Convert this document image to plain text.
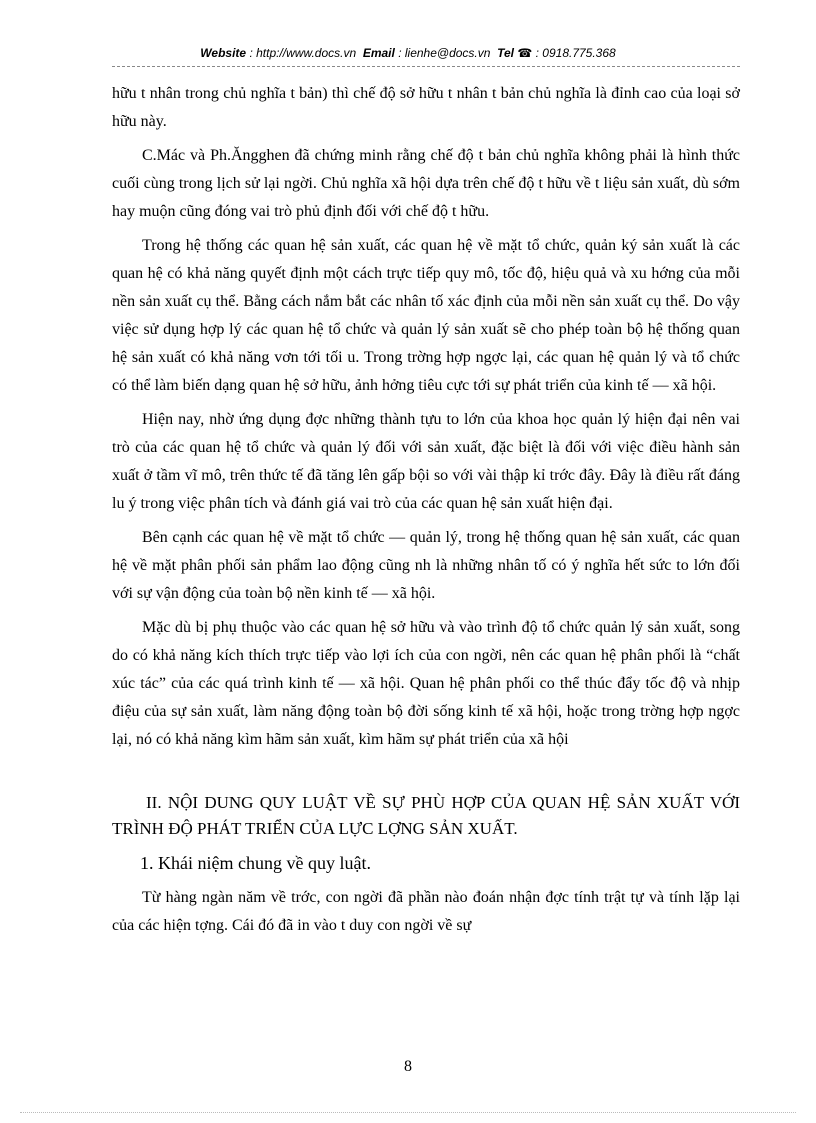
Website : http://www.docs.vn Email : lienhe@docs.vn Tel ☎ : 0918.775.368

hữu t nhân trong chủ nghĩa t bản) thì chế độ sở hữu t nhân t bản chủ nghĩa là đỉnh cao của loại sở hữu này.

C.Mác và Ph.Ăngghen đã chứng minh rằng chế độ t bản chủ nghĩa không phải là hình thức cuối cùng trong lịch sử lại ngời. Chủ nghĩa xã hội dựa trên chế độ t hữu về t liệu sản xuất, dù sớm hay muộn cũng đóng vai trò phủ định đối với chế độ t hữu.

Trong hệ thống các quan hệ sản xuất, các quan hệ về mặt tổ chức, quản ký sản xuất là các quan hệ có khả năng quyết định một cách trực tiếp quy mô, tốc độ, hiệu quả và xu hớng của mỗi nền sản xuất cụ thể. Bằng cách nắm bắt các nhân tố xác định của mỗi nền sản xuất cụ thể. Do vậy việc sử dụng hợp lý các quan hệ tổ chức và quản lý sản xuất sẽ cho phép toàn bộ hệ thống quan hệ sản xuất có khả năng vơn tới tối u. Trong trờng hợp ngợc lại, các quan hệ quản lý và tổ chức có thể làm biến dạng quan hệ sở hữu, ảnh hởng tiêu cực tới sự phát triển của kinh tế — xã hội.

Hiện nay, nhờ ứng dụng đợc những thành tựu to lớn của khoa học quản lý hiện đại nên vai trò của các quan hệ tổ chức và quản lý đối với sản xuất, đặc biệt là đối với việc điều hành sản xuất ở tầm vĩ mô, trên thức tế đã tăng lên gấp bội so với vài thập kỉ trớc đây. Đây là điều rất đáng lu ý trong việc phân tích và đánh giá vai trò của các quan hệ sản xuất hiện đại.

Bên cạnh các quan hệ về mặt tổ chức — quản lý, trong hệ thống quan hệ sản xuất, các quan hệ về mặt phân phối sản phẩm lao động cũng nh là những nhân tố có ý nghĩa hết sức to lớn đối với sự vận động của toàn bộ nền kinh tế — xã hội.

Mặc dù bị phụ thuộc vào các quan hệ sở hữu và vào trình độ tổ chức quản lý sản xuất, song do có khả năng kích thích trực tiếp vào lợi ích của con ngời, nên các quan hệ phân phối là “chất xúc tác” của các quá trình kinh tế — xã hội. Quan hệ phân phối co thể thúc đẩy tốc độ và nhịp điệu của sự sản xuất, làm năng động toàn bộ đời sống kinh tế xã hội, hoặc trong trờng hợp ngợc lại, nó có khả năng kìm hãm sản xuất, kìm hãm sự phát triển của xã hội

II. NỘI DUNG QUY LUẬT VỀ SỰ PHÙ HỢP CỦA QUAN HỆ SẢN XUẤT VỚI TRÌNH ĐỘ PHÁT TRIỂN CỦA LỰC LỢNG SẢN XUẤT.

1. Khái niệm chung về quy luật.

Từ hàng ngàn năm về trớc, con ngời đã phần nào đoán nhận đợc tính trật tự và tính lặp lại của các hiện tợng. Cái đó đã in vào t duy con ngời về sự

8
